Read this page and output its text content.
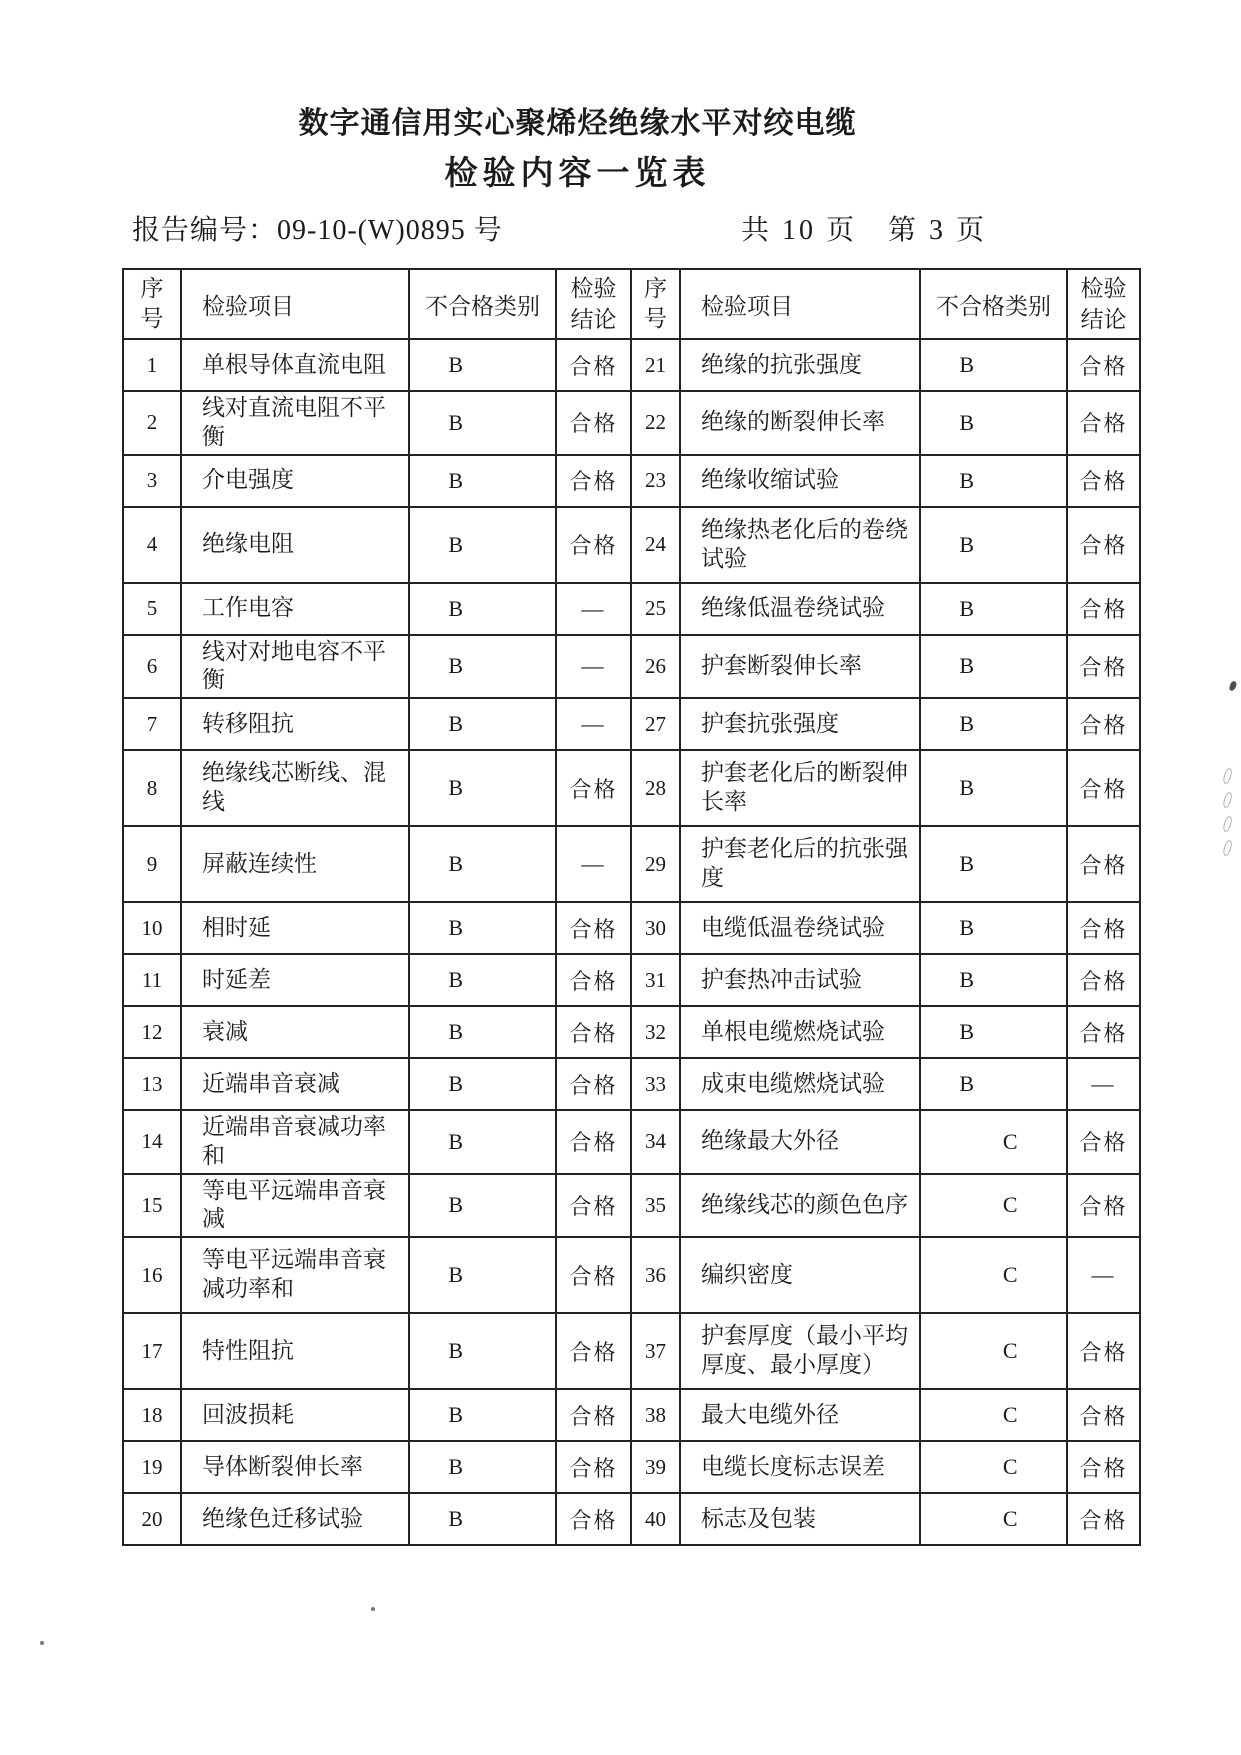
数字通信用实心聚烯烃绝缘水平对绞电缆
检验内容一览表
报告编号：09-10-(W)0895 号	共 10 页　第 3 页
序号	检验项目	不合格类别	检验结论	序号	检验项目	不合格类别	检验结论
1	单根导体直流电阻	B	合格	21	绝缘的抗张强度	B	合格
2	线对直流电阻不平衡	B	合格	22	绝缘的断裂伸长率	B	合格
3	介电强度	B	合格	23	绝缘收缩试验	B	合格
4	绝缘电阻	B	合格	24	绝缘热老化后的卷绕试验	B	合格
5	工作电容	B	—	25	绝缘低温卷绕试验	B	合格
6	线对对地电容不平衡	B	—	26	护套断裂伸长率	B	合格
7	转移阻抗	B	—	27	护套抗张强度	B	合格
8	绝缘线芯断线、混线	B	合格	28	护套老化后的断裂伸长率	B	合格
9	屏蔽连续性	B	—	29	护套老化后的抗张强度	B	合格
10	相时延	B	合格	30	电缆低温卷绕试验	B	合格
11	时延差	B	合格	31	护套热冲击试验	B	合格
12	衰减	B	合格	32	单根电缆燃烧试验	B	合格
13	近端串音衰减	B	合格	33	成束电缆燃烧试验	B	—
14	近端串音衰减功率和	B	合格	34	绝缘最大外径	C	合格
15	等电平远端串音衰减	B	合格	35	绝缘线芯的颜色色序	C	合格
16	等电平远端串音衰减功率和	B	合格	36	编织密度	C	—
17	特性阻抗	B	合格	37	护套厚度（最小平均厚度、最小厚度）	C	合格
18	回波损耗	B	合格	38	最大电缆外径	C	合格
19	导体断裂伸长率	B	合格	39	电缆长度标志误差	C	合格
20	绝缘色迁移试验	B	合格	40	标志及包装	C	合格
